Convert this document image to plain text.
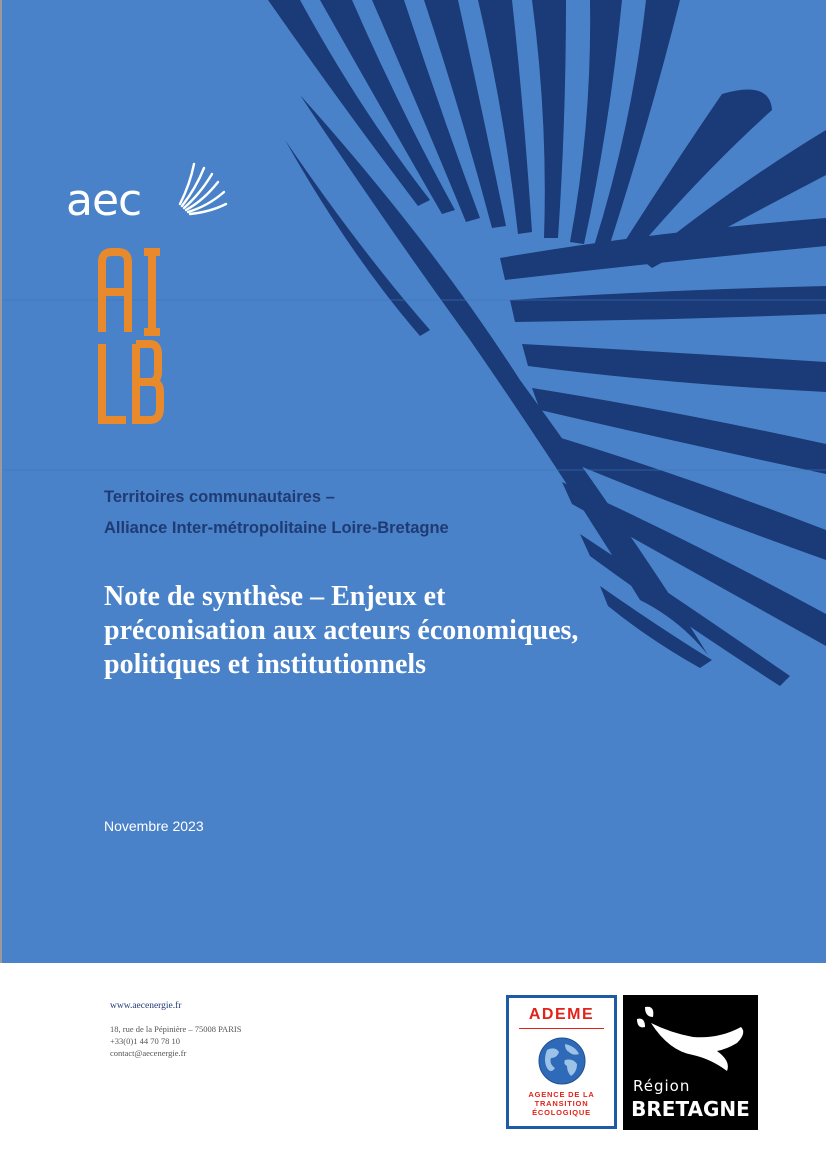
aec
Territoires communautaires –
Alliance Inter-métropolitaine Loire-Bretagne
Note de synthèse – Enjeux et préconisation aux acteurs économiques, politiques et institutionnels
Novembre 2023
www.aecenergie.fr
18, rue de la Pépinière – 75008 PARIS
+33(0)1 44 70 78 10
contact@aecenergie.fr
ADEME
AGENCE DE LA
TRANSITION
ÉCOLOGIQUE
Région
BRETAGNE
